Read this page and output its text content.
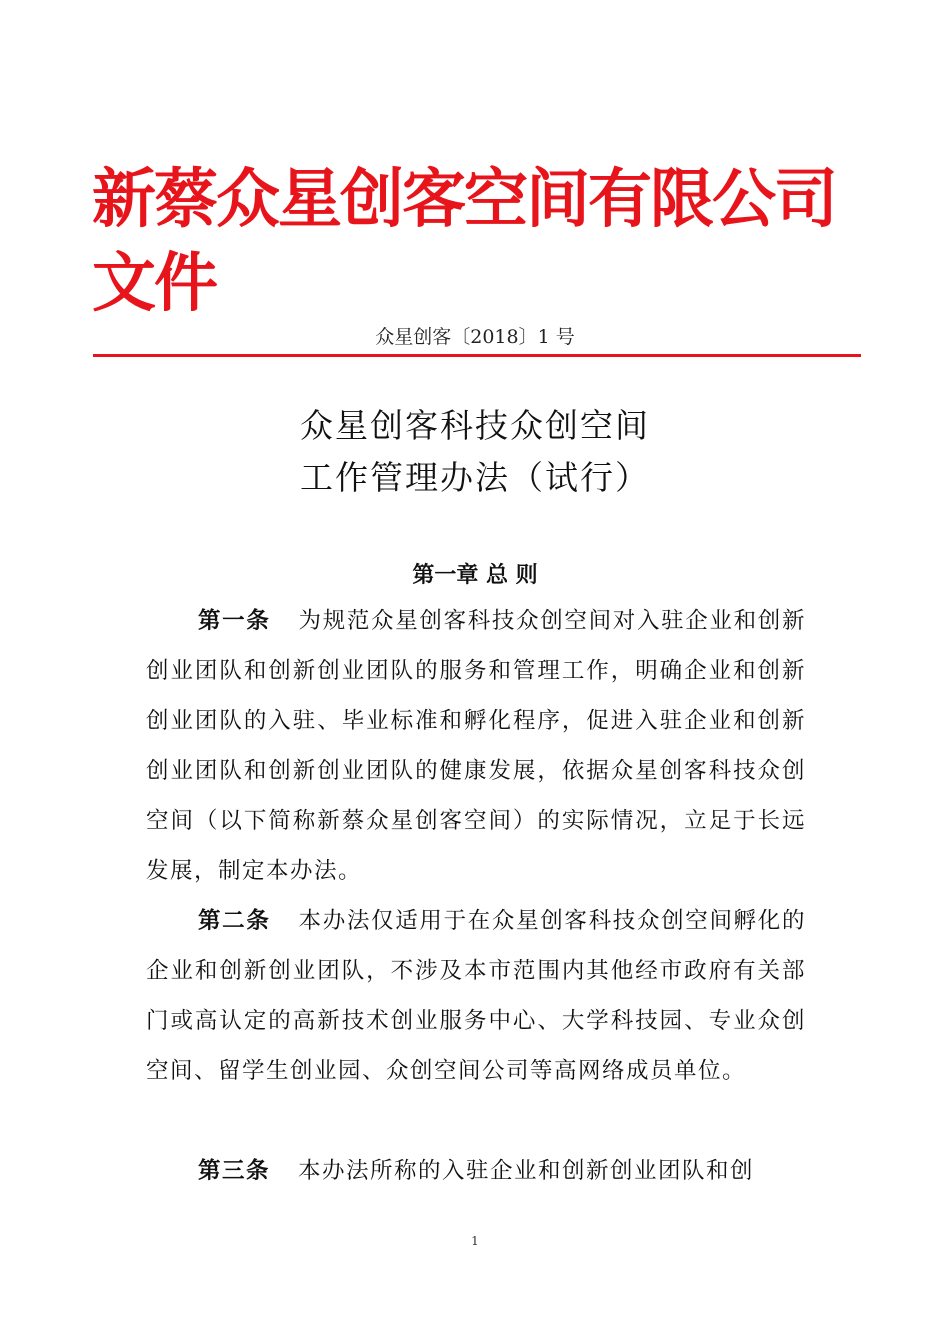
新蔡众星创客空间有限公司文件
众星创客〔2018〕1 号
众星创客科技众创空间
工作管理办法（试行）
第一章 总 则
第一条 为规范众星创客科技众创空间对入驻企业和创新创业团队和创新创业团队的服务和管理工作，明确企业和创新创业团队的入驻、毕业标准和孵化程序，促进入驻企业和创新创业团队和创新创业团队的健康发展，依据众星创客科技众创空间（以下简称新蔡众星创客空间）的实际情况，立足于长远发展，制定本办法。
第二条 本办法仅适用于在众星创客科技众创空间孵化的企业和创新创业团队，不涉及本市范围内其他经市政府有关部门或高认定的高新技术创业服务中心、大学科技园、专业众创空间、留学生创业园、众创空间公司等高网络成员单位。
第三条 本办法所称的入驻企业和创新创业团队和创
1
